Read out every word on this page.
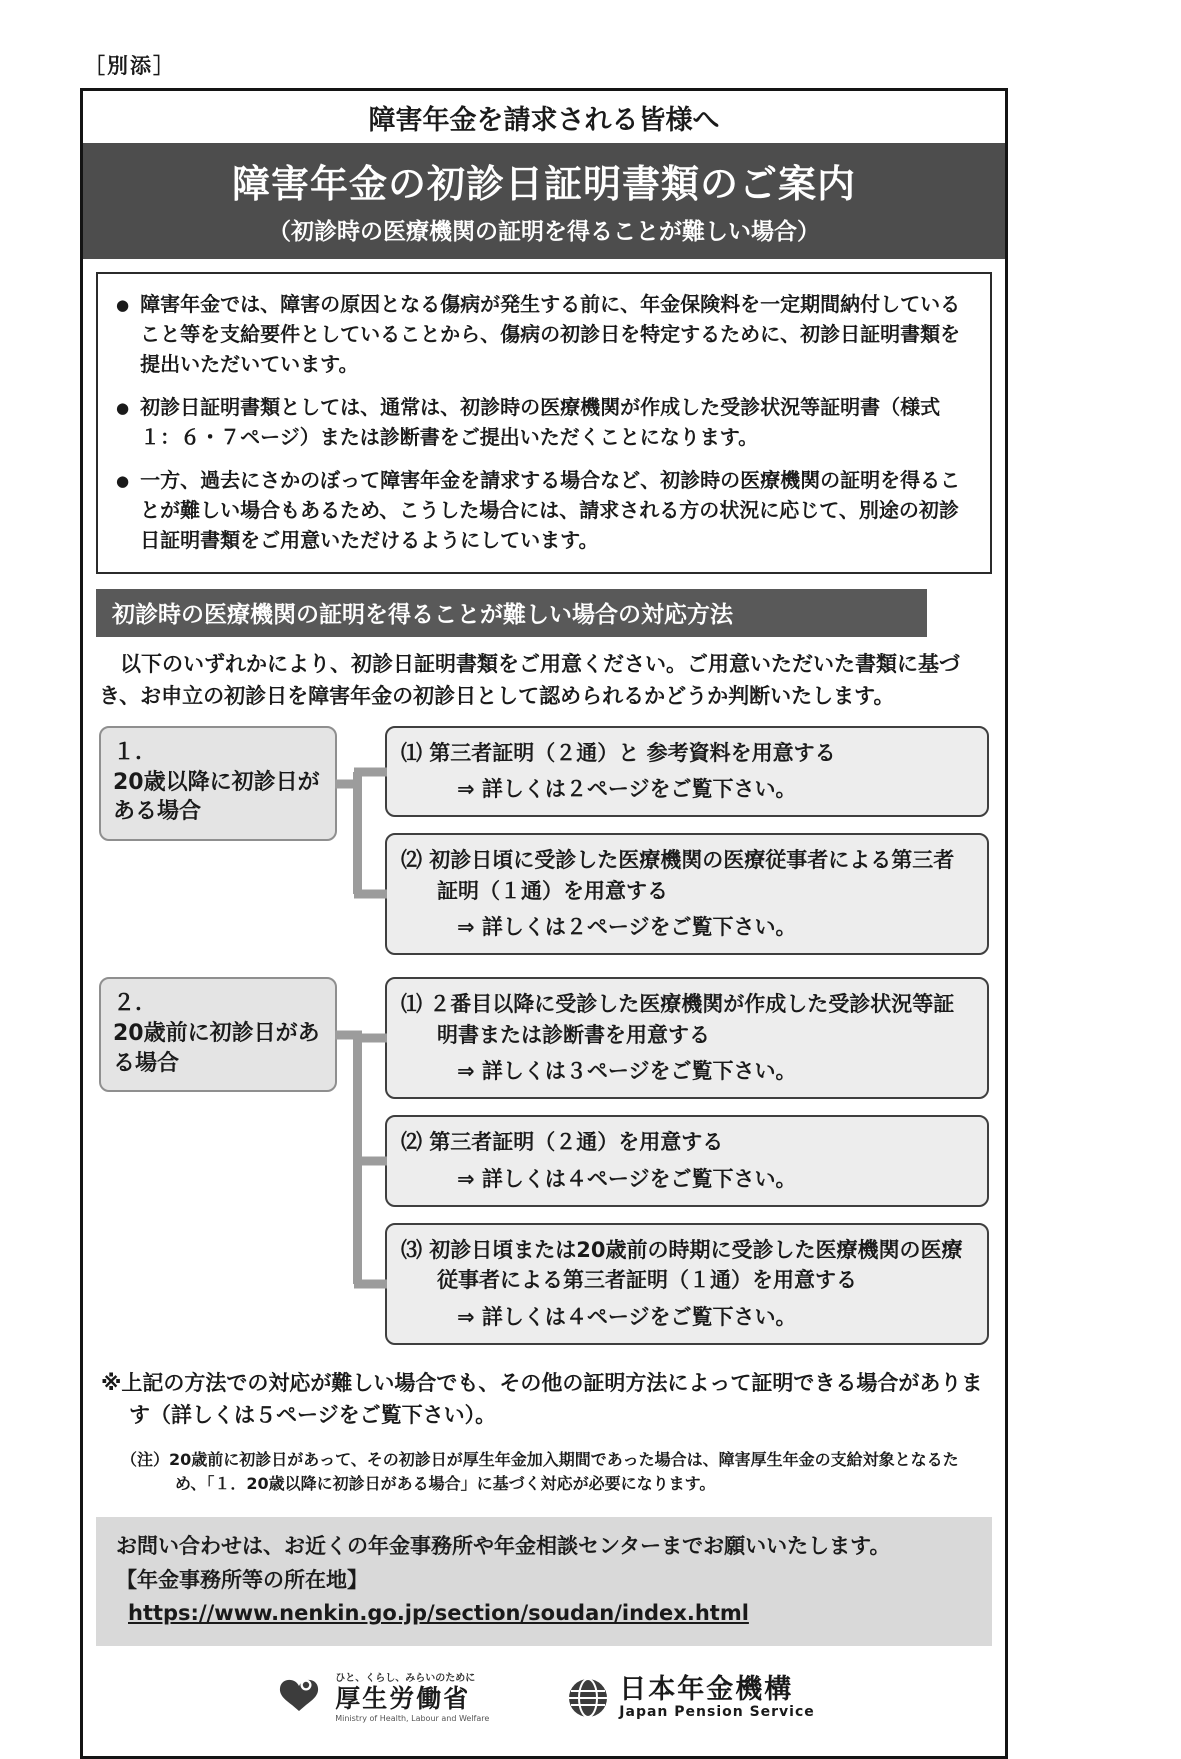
［別添］
障害年金を請求される皆様へ
障害年金の初診日証明書類のご案内
（初診時の医療機関の証明を得ることが難しい場合）
● 障害年金では、障害の原因となる傷病が発生する前に、年金保険料を一定期間納付していること等を支給要件としていることから、傷病の初診日を特定するために、初診日証明書類を提出いただいています。
● 初診日証明書類としては、通常は、初診時の医療機関が作成した受診状況等証明書（様式１：６・７ページ）または診断書をご提出いただくことになります。
● 一方、過去にさかのぼって障害年金を請求する場合など、初診時の医療機関の証明を得ることが難しい場合もあるため、こうした場合には、請求される方の状況に応じて、別途の初診日証明書類をご用意いただけるようにしています。
初診時の医療機関の証明を得ることが難しい場合の対応方法
　以下のいずれかにより、初診日証明書類をご用意ください。ご用意いただいた書類に基づき、お申立の初診日を障害年金の初診日として認められるかどうか判断いたします。
１．
20歳以降に初診日がある場合
⑴ 第三者証明（２通）と 参考資料を用意する
⇒ 詳しくは２ページをご覧下さい。
⑵ 初診日頃に受診した医療機関の医療従事者による第三者証明（１通）を用意する
⇒ 詳しくは２ページをご覧下さい。
２．
20歳前に初診日がある場合
⑴ ２番目以降に受診した医療機関が作成した受診状況等証明書または診断書を用意する
⇒ 詳しくは３ページをご覧下さい。
⑵ 第三者証明（２通）を用意する
⇒ 詳しくは４ページをご覧下さい。
⑶ 初診日頃または20歳前の時期に受診した医療機関の医療従事者による第三者証明（１通）を用意する
⇒ 詳しくは４ページをご覧下さい。
※上記の方法での対応が難しい場合でも、その他の証明方法によって証明できる場合があります（詳しくは５ページをご覧下さい）。
（注）20歳前に初診日があって、その初診日が厚生年金加入期間であった場合は、障害厚生年金の支給対象となるため、「１．20歳以降に初診日がある場合」に基づく対応が必要になります。
お問い合わせは、お近くの年金事務所や年金相談センターまでお願いいたします。
【年金事務所等の所在地】https://www.nenkin.go.jp/section/soudan/index.html
ひと、くらし、みらいのために
厚生労働省
Ministry of Health, Labour and Welfare
日本年金機構
Japan Pension Service
